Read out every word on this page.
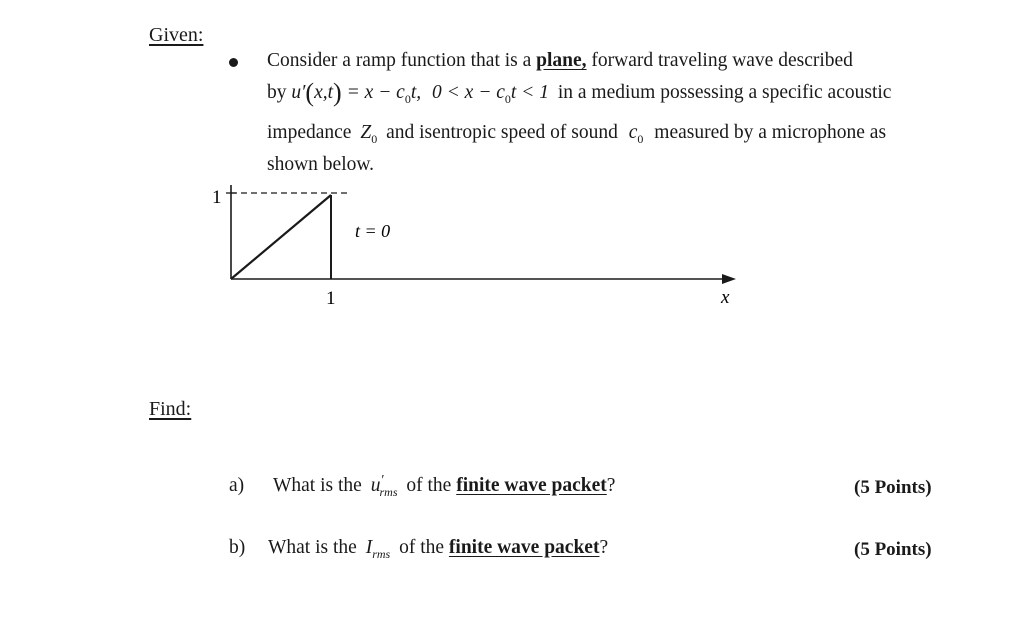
Given:
Consider a ramp function that is a plane, forward traveling wave described
by $u'(x,t) = x - c_0t$, $0 < x - c_0t < 1$ in a medium possessing a specific acoustic
impedance $Z_0$ and isentropic speed of sound $c_0$ measured by a microphone as
shown below.
1
1
t = 0
x
Find:
a) What is the $u'_{rms}$ of the finite wave packet?	(5 Points)
b) What is the $I_{rms}$ of the finite wave packet?	(5 Points)
